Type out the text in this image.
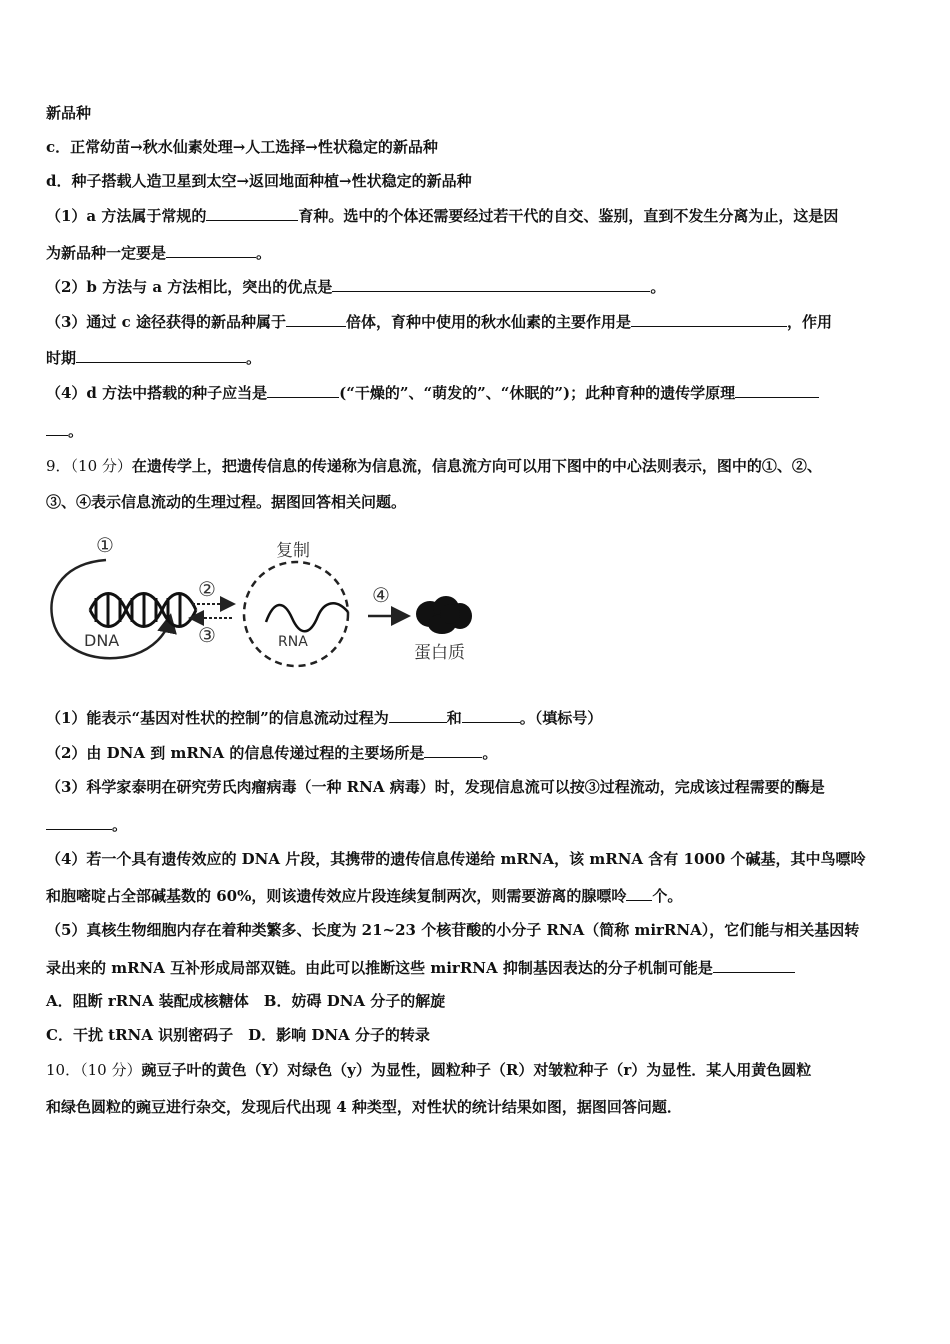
新品种
c．正常幼苗→秋水仙素处理→人工选择→性状稳定的新品种
d．种子搭载人造卫星到太空→返回地面种植→性状稳定的新品种
（1）a 方法属于常规的	育种。选中的个体还需要经过若干代的自交、鉴别，直到不发生分离为止，这是因
为新品种一定要是	。
（2）b 方法与 a 方法相比，突出的优点是	。
（3）通过 c 途径获得的新品种属于	倍体，育种中使用的秋水仙素的主要作用是	，作用
时期	。
（4）d 方法中搭载的种子应当是	(“干燥的”、“萌发的”、“休眠的”)；此种育种的遗传学原理
。
9．（10 分）在遗传学上，把遗传信息的传递称为信息流，信息流方向可以用下图中的中心法则表示，图中的①、②、
③、④表示信息流动的生理过程。据图回答相关问题。
①
DNA
②
③
复制
RNA
④
蛋白质
（1）能表示“基因对性状的控制”的信息流动过程为	和	。（填标号）
（2）由 DNA 到 mRNA 的信息传递过程的主要场所是	。
（3）科学家泰明在研究劳氏肉瘤病毒（一种 RNA 病毒）时，发现信息流可以按③过程流动，完成该过程需要的酶是
。
（4）若一个具有遗传效应的 DNA 片段，其携带的遗传信息传递给 mRNA，该 mRNA 含有 1000 个碱基，其中鸟嘌呤
和胞嘧啶占全部碱基数的 60%，则该遗传效应片段连续复制两次，则需要游离的腺嘌呤 个。
（5）真核生物细胞内存在着种类繁多、长度为 21~23 个核苷酸的小分子 RNA（简称 mirRNA），它们能与相关基因转
录出来的 mRNA 互补形成局部双链。由此可以推断这些 mirRNA 抑制基因表达的分子机制可能是
A．阻断 rRNA 装配成核糖体　B．妨碍 DNA 分子的解旋
C．干扰 tRNA 识别密码子　D．影响 DNA 分子的转录
10．（10 分）豌豆子叶的黄色（Y）对绿色（y）为显性，圆粒种子（R）对皱粒种子（r）为显性．某人用黄色圆粒
和绿色圆粒的豌豆进行杂交，发现后代出现 4 种类型，对性状的统计结果如图，据图回答问题．
